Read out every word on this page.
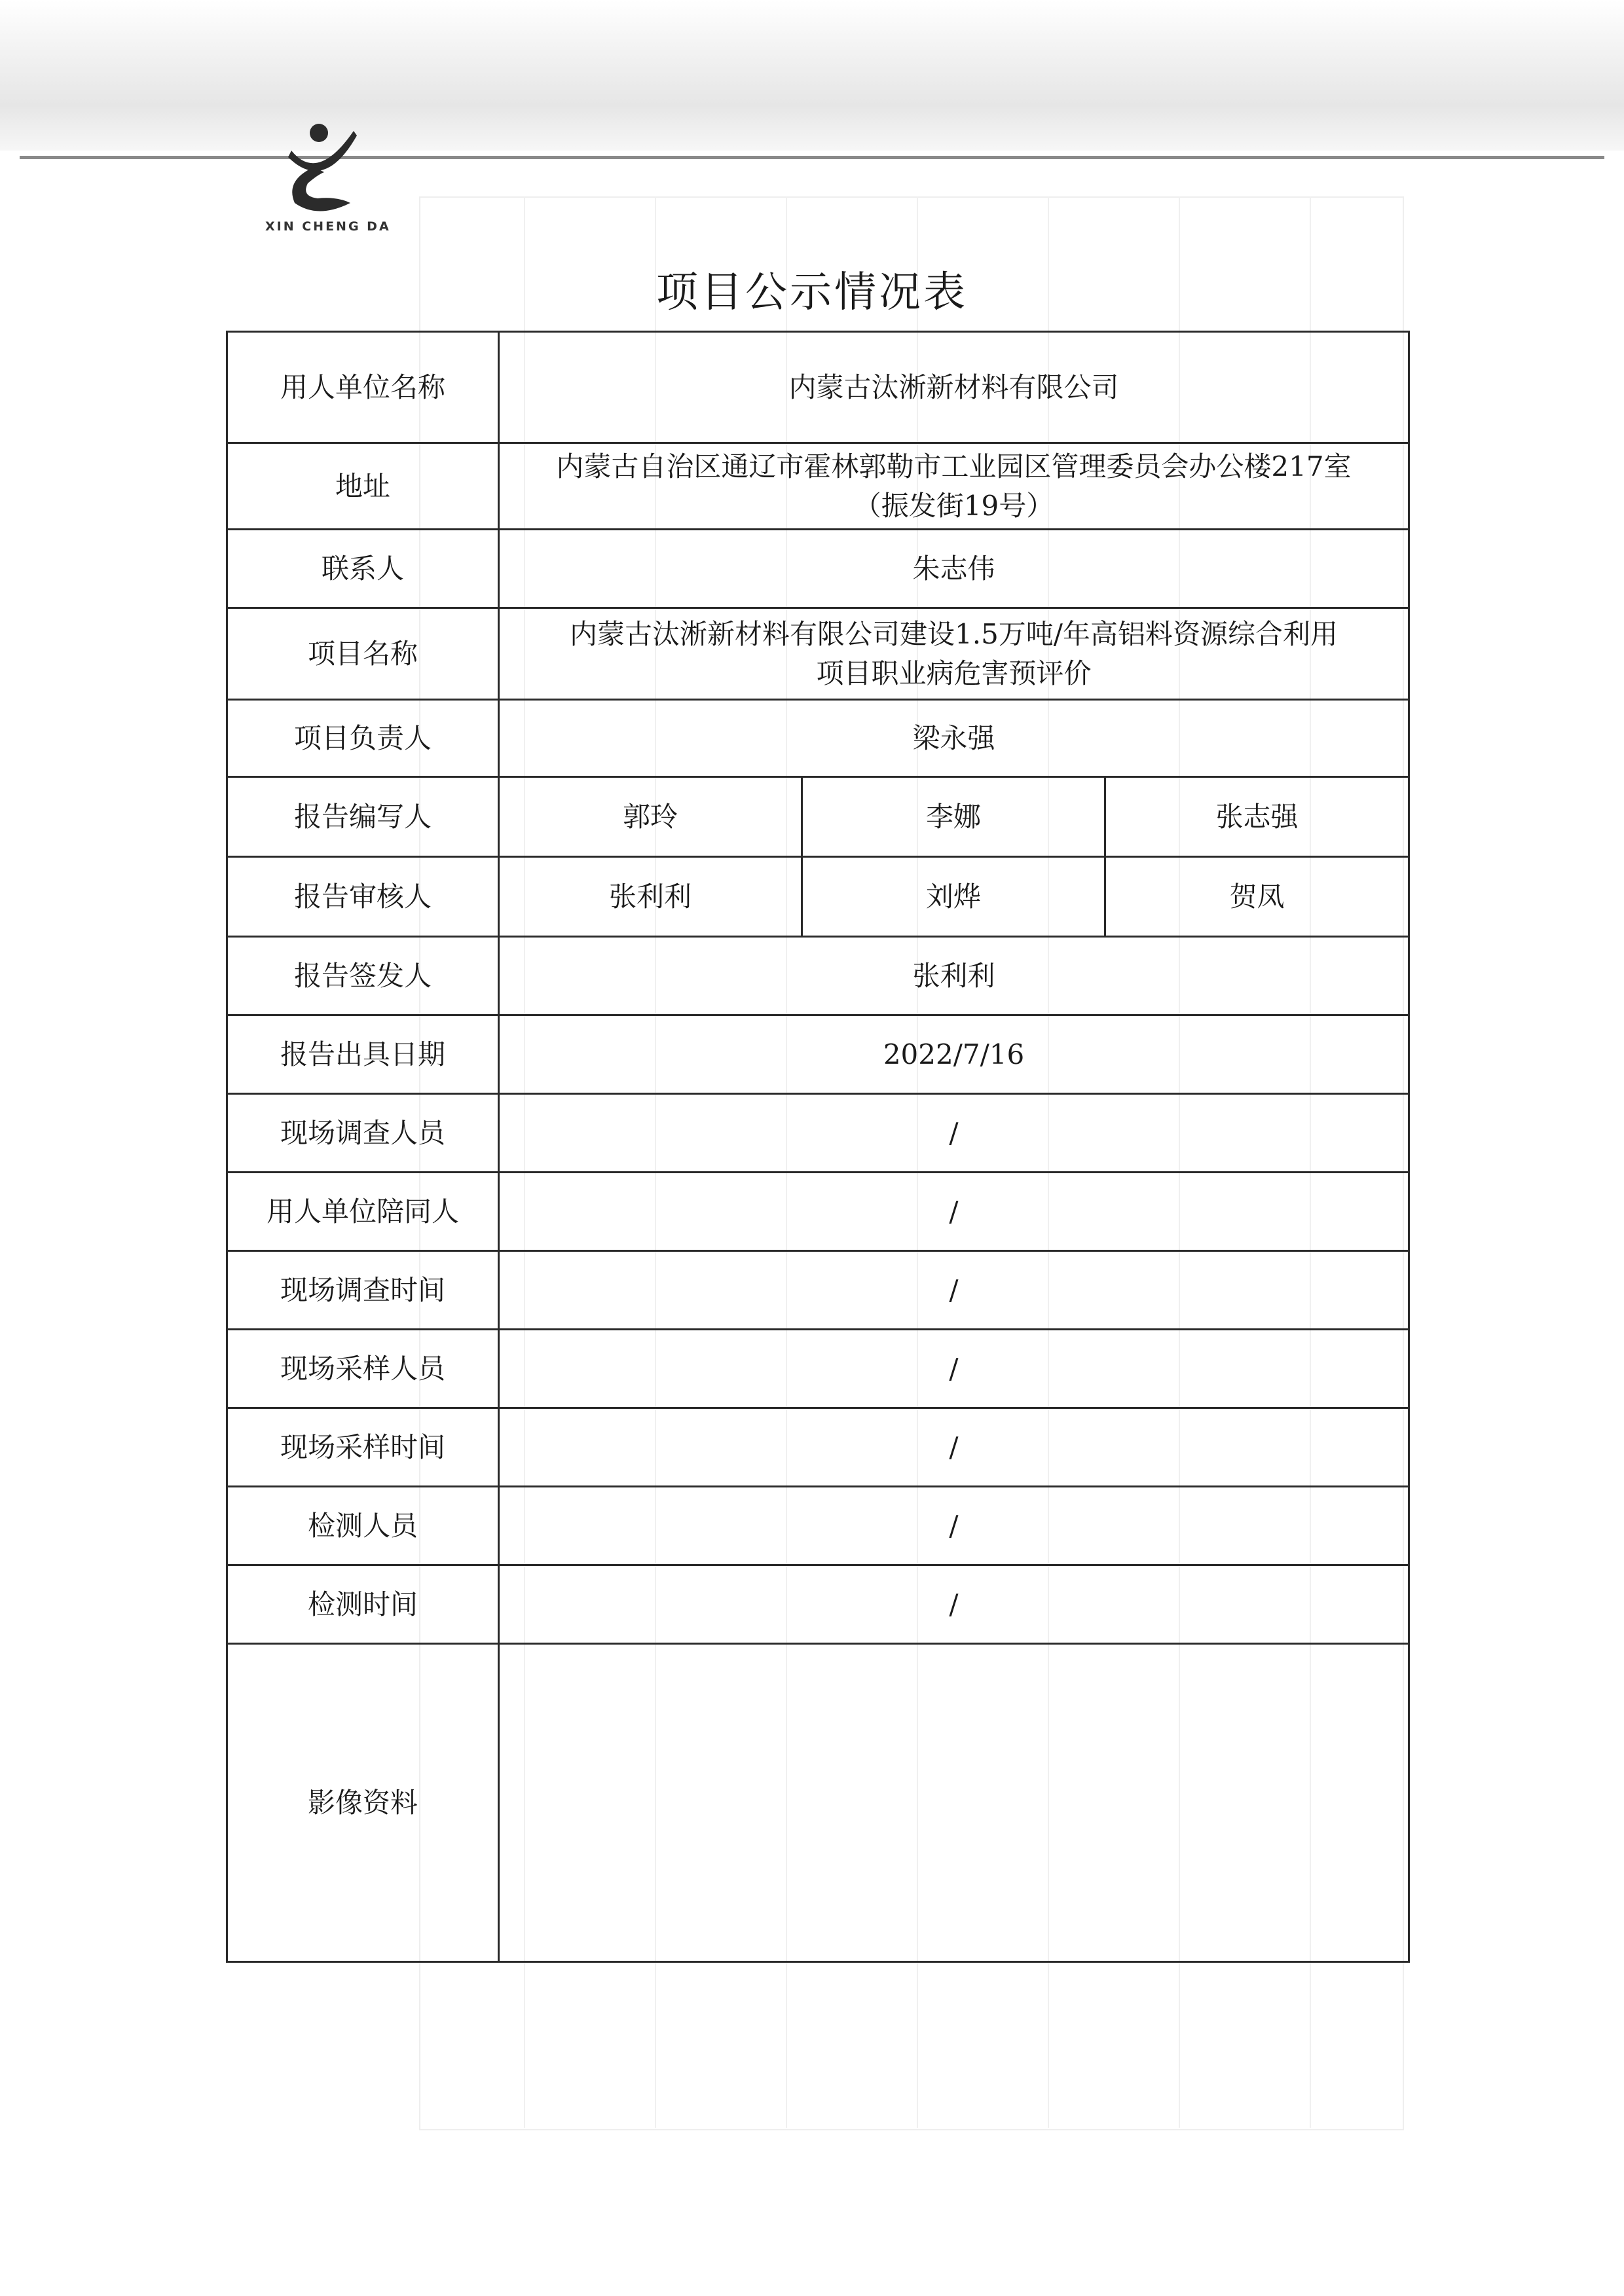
XIN CHENG DA
项目公示情况表
用人单位名称	内蒙古汰淅新材料有限公司		
地址	内蒙古自治区通辽市霍林郭勒市工业园区管理委员会办公楼217室
（振发街19号）		

联系人	朱志伟		
项目名称	内蒙古汰淅新材料有限公司建设1.5万吨/年高铝料资源综合利用
项目职业病危害预评价		

项目负责人	梁永强		
报告编写人	郭玲	李娜	张志强
报告审核人	张利利	刘烨	贺凤
报告签发人	张利利		
报告出具日期	2022/7/16		
现场调查人员	/		
用人单位陪同人	/		
现场调查时间	/		
现场采样人员	/		
现场采样时间	/		
检测人员	/		
检测时间	/		
影像资料			
